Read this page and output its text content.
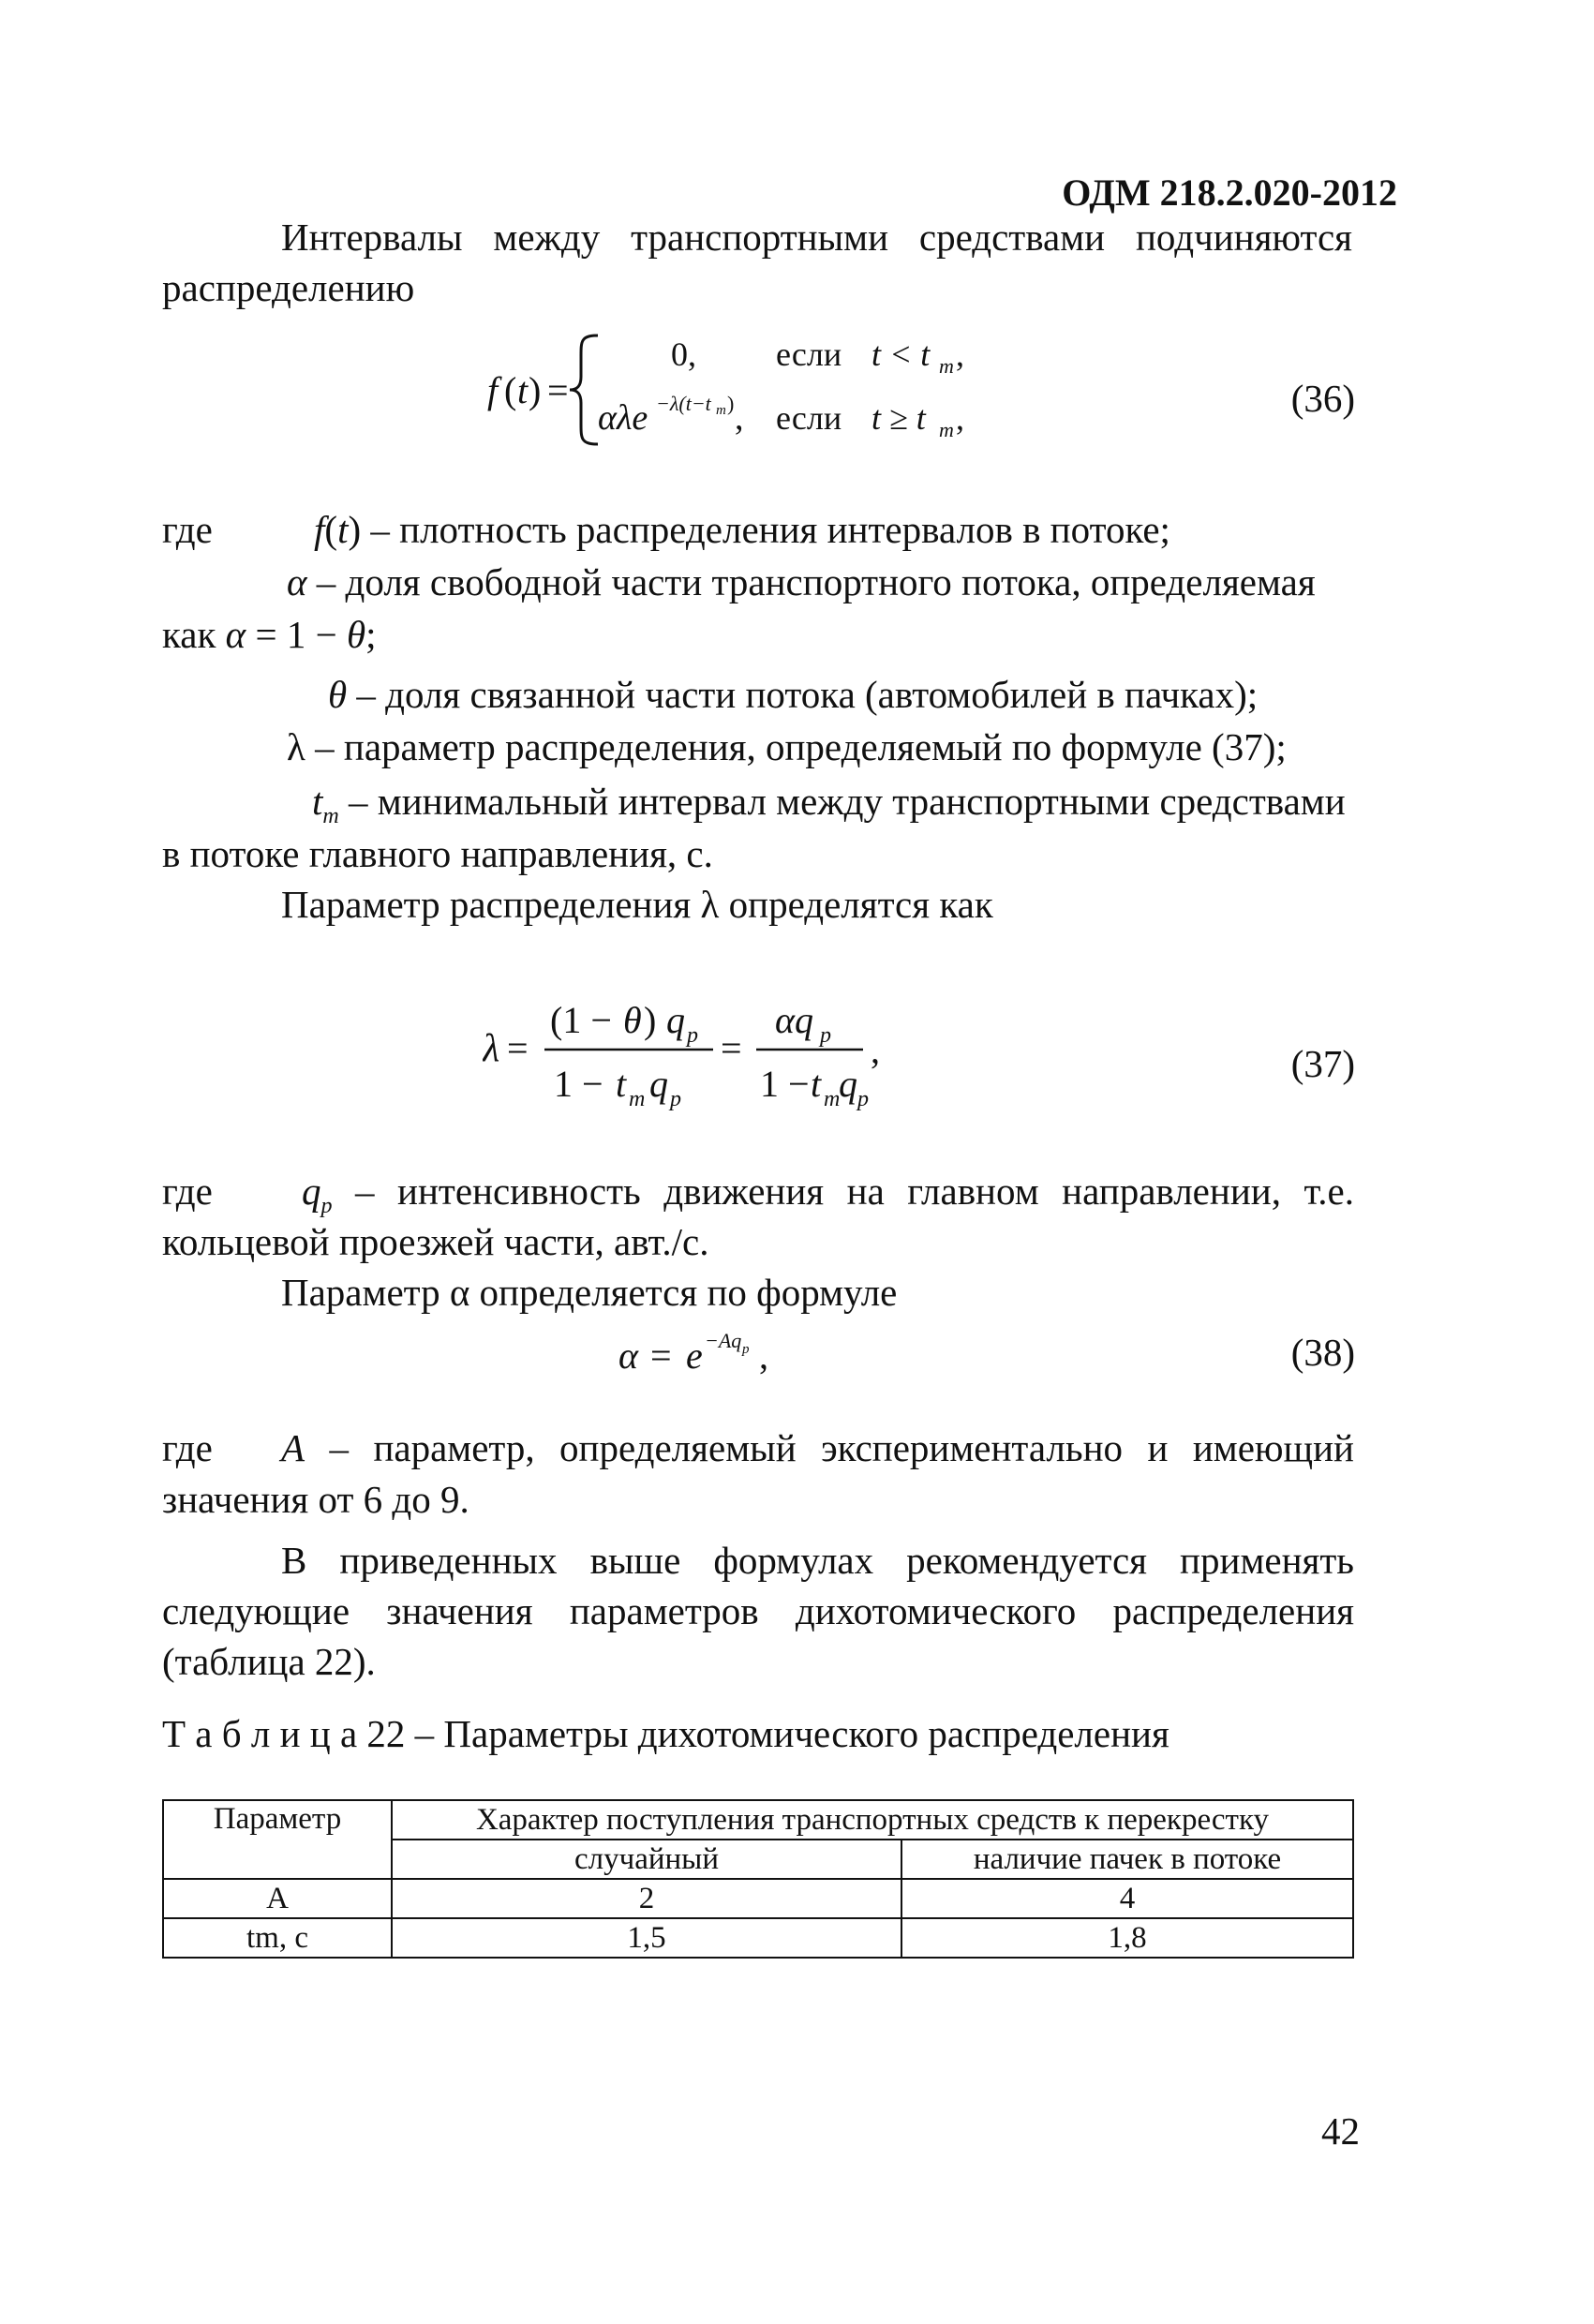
ОДМ 218.2.020-2012
Интервалы между транспортными средствами подчиняются
распределению
f ( t ) =
0,
αλe −λ(t−t m ) ,
если
если
t < t m ,
t ≥ t m ,	(36)
где	f(t) – плотность распределения интервалов в потоке;
α – доля свободной части транспортного потока, определяемая
как α = 1 − θ;
θ – доля связанной части потока (автомобилей в пачках);
λ – параметр распределения, определяемый по формуле (37);
$t_m$ – минимальный интервал между транспортными средствами
в потоке главного направления, с.
Параметр распределения λ определятся как
λ =
(1 − θ ) q p
1 − t m q p
=
αq p
1 − t m
q p
,	(37)
где $q_p$ – интенсивность движения на главном направлении, т.е.
кольцевой проезжей части, авт./с.
Параметр α определяется по формуле
α = e −Aq p ,	(38)
где A – параметр, определяемый экспериментально и имеющий
значения от 6 до 9.
В приведенных выше формулах рекомендуется применять
следующие значения параметров дихотомического распределения
(таблица 22).
Т а б л и ц а 22 – Параметры дихотомического распределения
Параметр	Характер поступления транспортных средств к перекрестку	
	случайный	наличие пачек в потоке
A	2	4
tm, с	1,5	1,8
42
